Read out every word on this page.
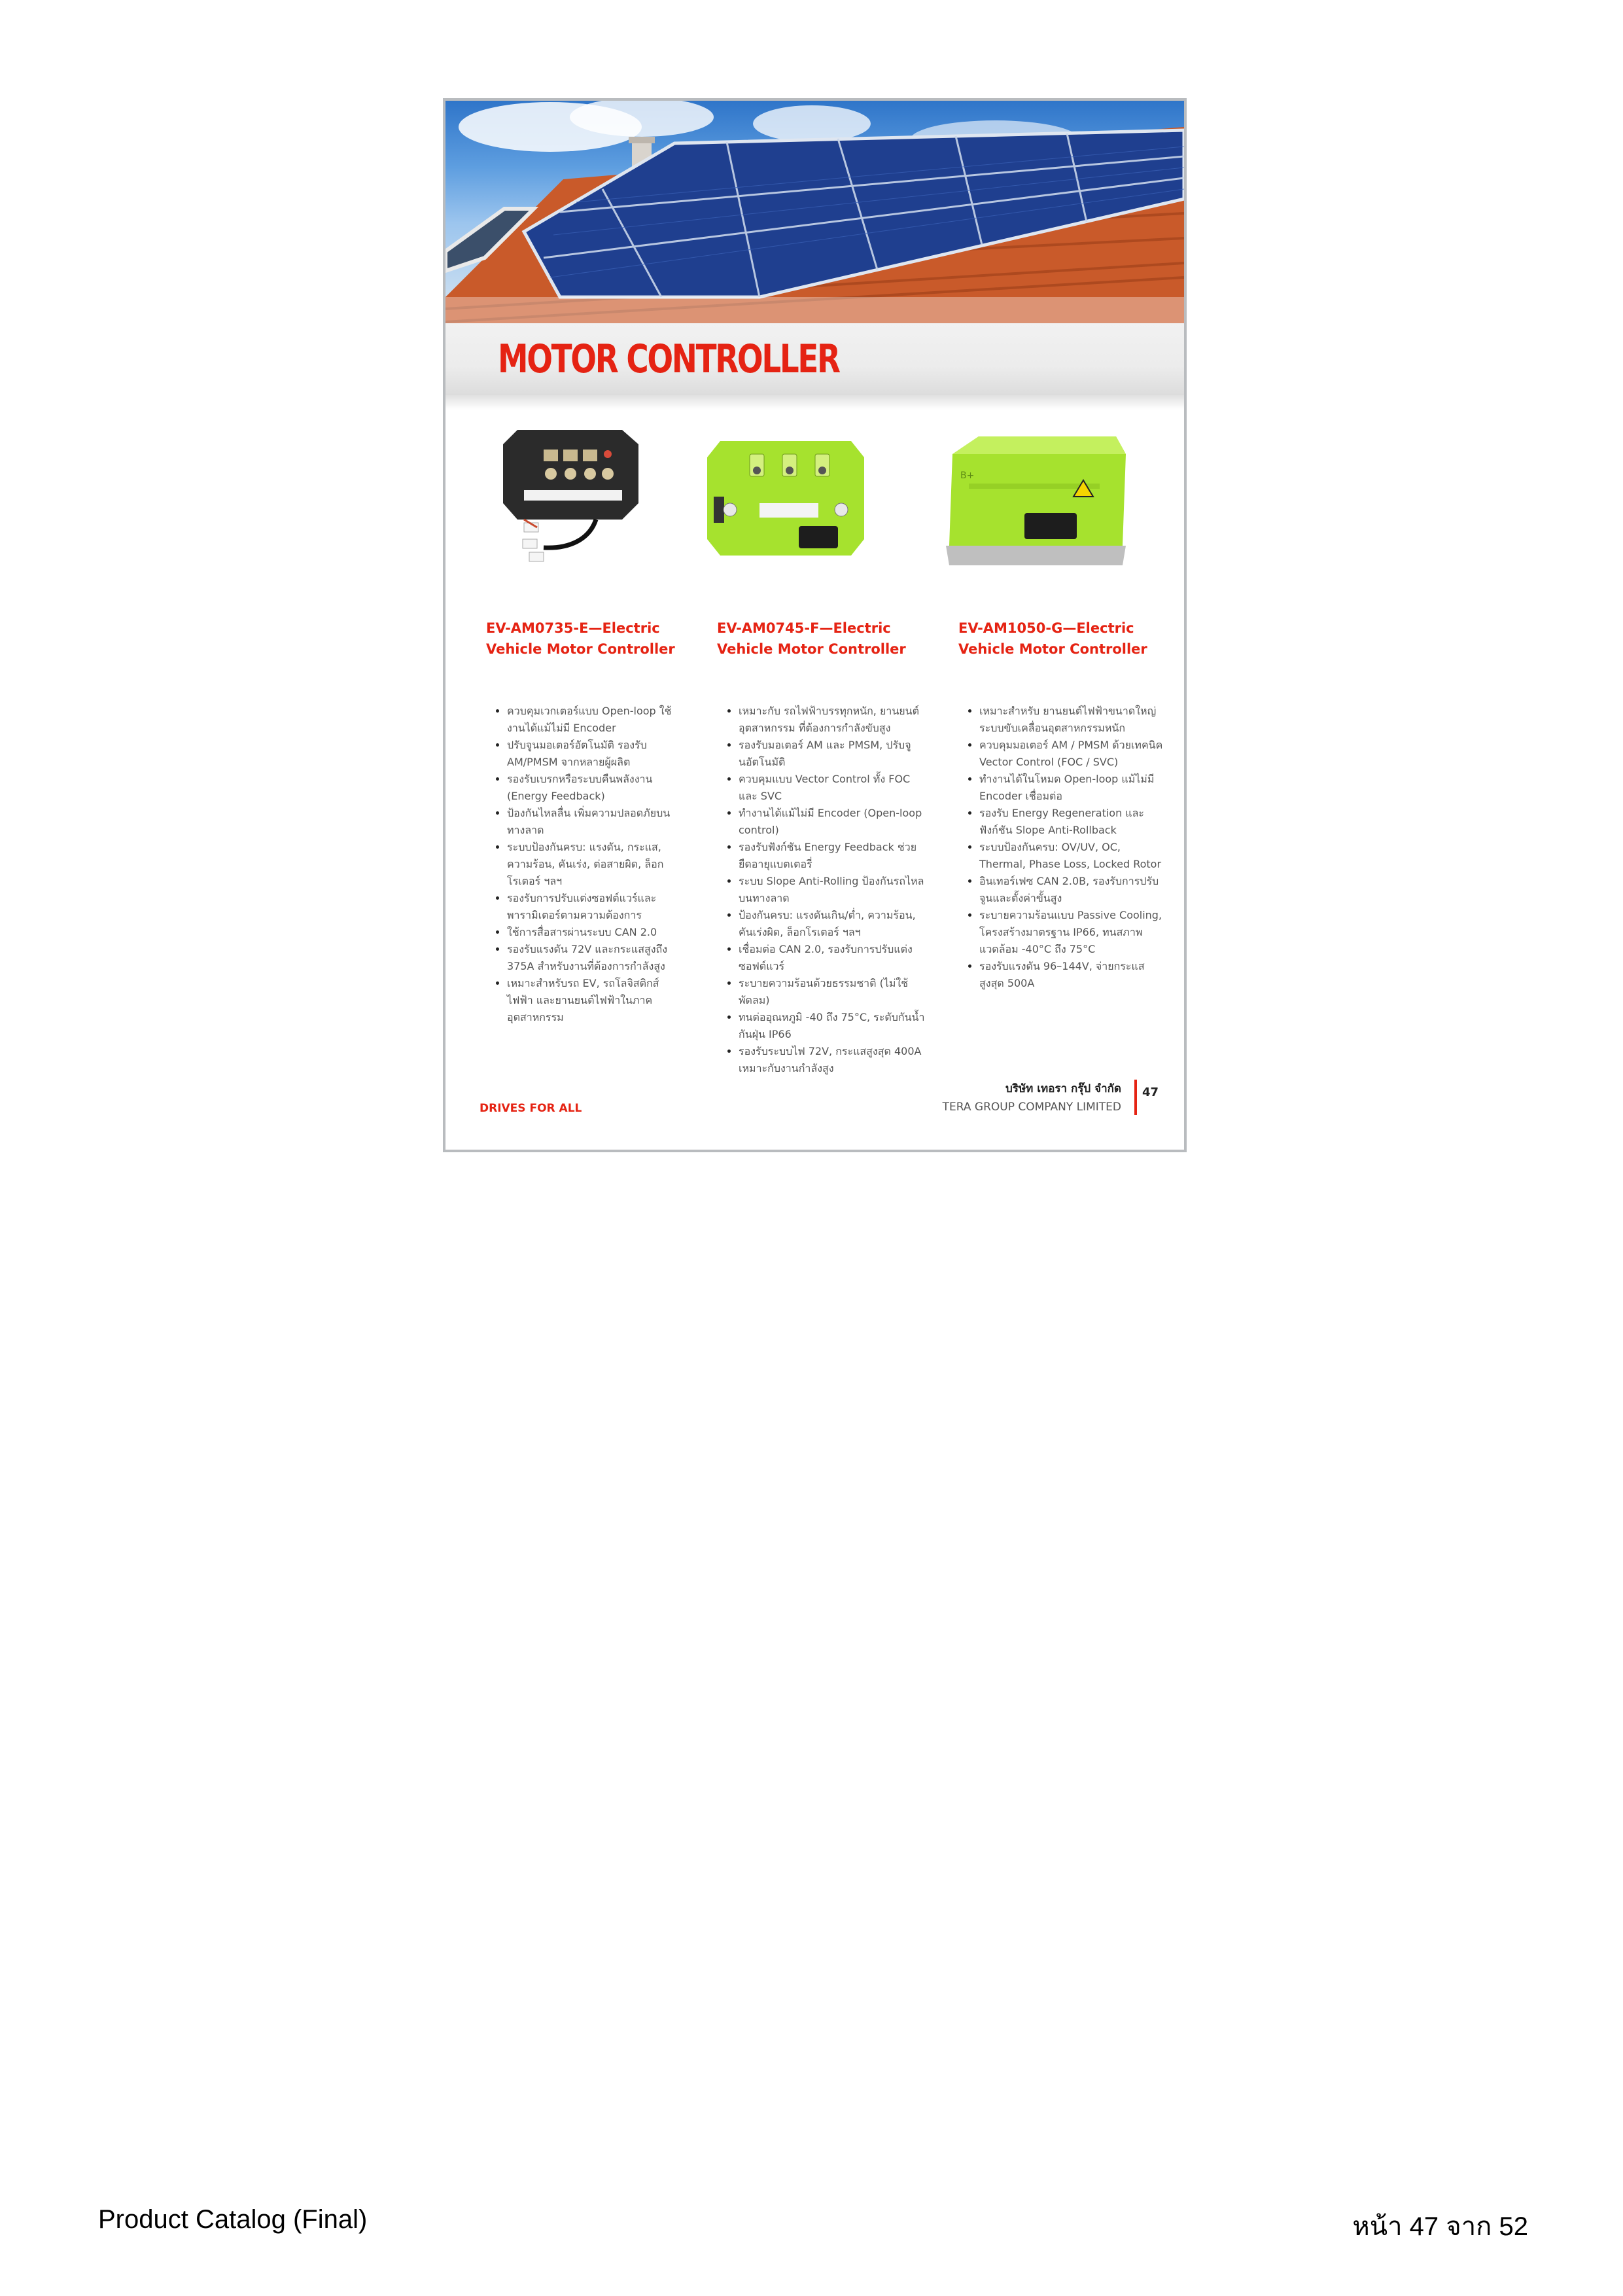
MOTOR CONTROLLER
B+
EV-AM0735-E—Electric
Vehicle Motor Controller
EV-AM0745-F—Electric
Vehicle Motor Controller
EV-AM1050-G—Electric
Vehicle Motor Controller
• ควบคุมเวกเตอร์แบบ Open-loop ใช้งานได้แม้ไม่มี Encoder
• ปรับจูนมอเตอร์อัตโนมัติ รองรับ AM/PMSM จากหลายผู้ผลิต
• รองรับเบรกหรือระบบคืนพลังงาน (Energy Feedback)
• ป้องกันไหลลื่น เพิ่มความปลอดภัยบนทางลาด
• ระบบป้องกันครบ: แรงดัน, กระแส, ความร้อน, คันเร่ง, ต่อสายผิด, ล็อกโรเตอร์ ฯลฯ
• รองรับการปรับแต่งซอฟต์แวร์และพารามิเตอร์ตามความต้องการ
• ใช้การสื่อสารผ่านระบบ CAN 2.0
• รองรับแรงดัน 72V และกระแสสูงถึง 375A สำหรับงานที่ต้องการกำลังสูง
• เหมาะสำหรับรถ EV, รถโลจิสติกส์ไฟฟ้า และยานยนต์ไฟฟ้าในภาคอุตสาหกรรม
• เหมาะกับ รถไฟฟ้าบรรทุกหนัก, ยานยนต์อุตสาหกรรม ที่ต้องการกำลังขับสูง
• รองรับมอเตอร์ AM และ PMSM, ปรับจูนอัตโนมัติ
• ควบคุมแบบ Vector Control ทั้ง FOC และ SVC
• ทำงานได้แม้ไม่มี Encoder (Open-loop control)
• รองรับฟังก์ชัน Energy Feedback ช่วยยืดอายุแบตเตอรี่
• ระบบ Slope Anti-Rolling ป้องกันรถไหลบนทางลาด
• ป้องกันครบ: แรงดันเกิน/ต่ำ, ความร้อน, คันเร่งผิด, ล็อกโรเตอร์ ฯลฯ
• เชื่อมต่อ CAN 2.0, รองรับการปรับแต่งซอฟต์แวร์
• ระบายความร้อนด้วยธรรมชาติ (ไม่ใช้พัดลม)
• ทนต่ออุณหภูมิ -40 ถึง 75°C, ระดับกันน้ำกันฝุ่น IP66
• รองรับระบบไฟ 72V, กระแสสูงสุด 400A เหมาะกับงานกำลังสูง
• เหมาะสำหรับ ยานยนต์ไฟฟ้าขนาดใหญ่ ระบบขับเคลื่อนอุตสาหกรรมหนัก
• ควบคุมมอเตอร์ AM / PMSM ด้วยเทคนิค Vector Control (FOC / SVC)
• ทำงานได้ในโหมด Open-loop แม้ไม่มี Encoder เชื่อมต่อ
• รองรับ Energy Regeneration และฟังก์ชัน Slope Anti-Rollback
• ระบบป้องกันครบ: OV/UV, OC, Thermal, Phase Loss, Locked Rotor
• อินเทอร์เฟซ CAN 2.0B, รองรับการปรับจูนและตั้งค่าขั้นสูง
• ระบายความร้อนแบบ Passive Cooling, โครงสร้างมาตรฐาน IP66, ทนสภาพแวดล้อม -40°C ถึง 75°C
• รองรับแรงดัน 96–144V, จ่ายกระแสสูงสุด 500A

DRIVES FOR ALL

บริษัท เทอรา กรุ๊ป จำกัด
TERA GROUP COMPANY LIMITED

47

Product Catalog (Final)	หน้า 47 จาก 52
